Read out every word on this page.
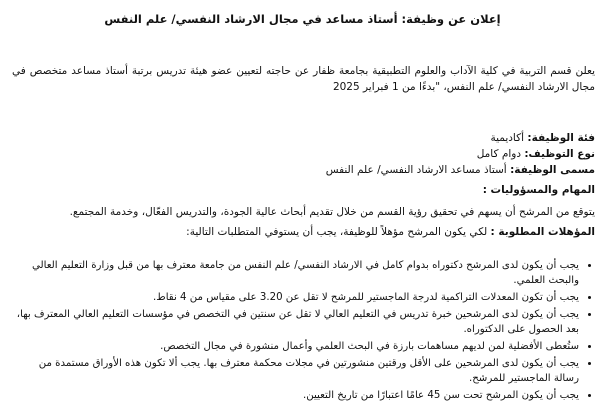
إعلان عن وظيفة: أستاذ مساعد في مجال الارشاد النفسي/ علم النفس
يعلن قسم التربية في كلية الآداب والعلوم التطبيقية بجامعة ظفار عن حاجته لتعيين عضو هيئة تدريس برتبة أستاذ مساعد متخصص في مجال الارشاد النفسي/ علم النفس، "بدءًا من 1 فبراير 2025
فئة الوظيفة: أكاديمية
نوع التوظيف: دوام كامل
مسمى الوظيفة: أستاذ مساعد الارشاد النفسي/ علم النفس
المهام والمسؤوليات :
يتوقع من المرشح أن يسهم في تحقيق رؤية القسم من خلال تقديم أبحاث عالية الجودة، والتدريس الفعّال، وخدمة المجتمع.
المؤهلات المطلوبة : لكي يكون المرشح مؤهلاً للوظيفة، يجب أن يستوفي المتطلبات التالية:
• يجب أن يكون لدى المرشح دكتوراه بدوام كامل في الارشاد النفسي/ علم النفس من جامعة معترف بها من قبل وزارة التعليم العالي والبحث العلمي.
• يجب أن تكون المعدلات التراكمية لدرجة الماجستير للمرشح لا تقل عن 3.20 على مقياس من 4 نقاط.
• يجب أن يكون لدى المرشحين خبرة تدريس في التعليم العالي لا تقل عن سنتين في التخصص في مؤسسات التعليم العالي المعترف بها، بعد الحصول على الدكتوراه.
• ستُعطى الأفضلية لمن لديهم مساهمات بارزة في البحث العلمي وأعمال منشورة في مجال التخصص.
• يجب أن يكون لدى المرشحين على الأقل ورقتين منشورتين في مجلات محكمة معترف بها. يجب ألا تكون هذه الأوراق مستمدة من رسالة الماجستير للمرشح.
• يجب أن يكون المرشح تحت سن 45 عامًا اعتبارًا من تاريخ التعيين.
